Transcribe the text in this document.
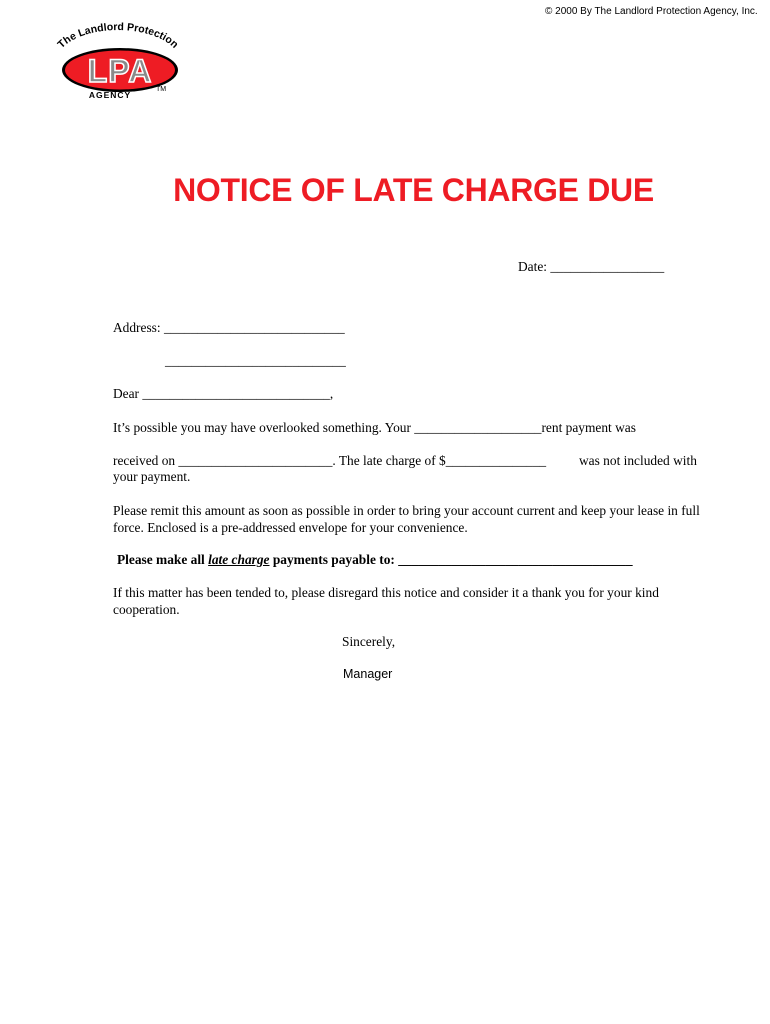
© 2000 By The Landlord Protection Agency, Inc.
The Landlord Protection
LPA
AGENCY
TM
NOTICE OF LATE CHARGE DUE
Date: _________________
Address: ___________________________
___________________________
Dear ____________________________,
It’s possible you may have overlooked something. Your ___________________rent payment was
received on _______________________. The late charge of $_______________ was not included with
your payment.
Please remit this amount as soon as possible in order to bring your account current and keep your lease in full force. Enclosed is a pre-addressed envelope for your convenience.
Please make all late charge payments payable to: ___________________________________
If this matter has been tended to, please disregard this notice and consider it a thank you for your kind cooperation.
Sincerely,
Manager
